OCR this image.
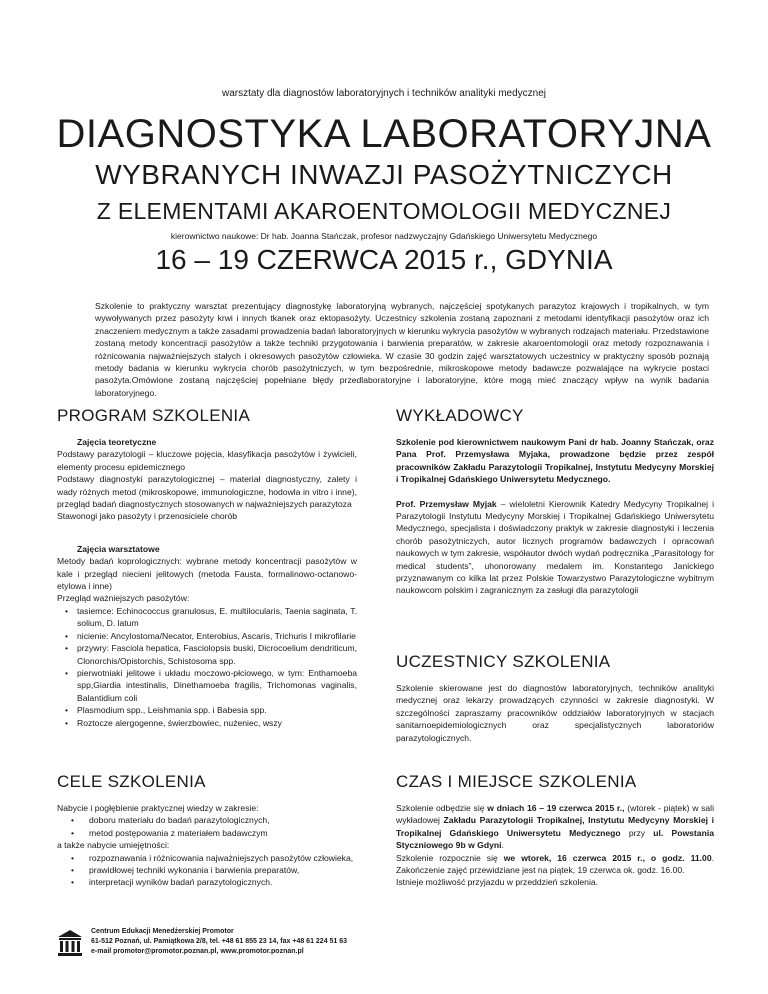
warsztaty dla diagnostów laboratoryjnych i techników analityki medycznej
DIAGNOSTYKA LABORATORYJNA
WYBRANYCH INWAZJI PASOŻYTNICZYCH
Z ELEMENTAMI AKAROENTOMOLOGII MEDYCZNEJ
kierownictwo naukowe: Dr hab. Joanna Stańczak, profesor nadzwyczajny Gdańskiego Uniwersytetu Medycznego
16 – 19 CZERWCA 2015 r., GDYNIA

Szkolenie to praktyczny warsztat prezentujący diagnostykę laboratoryjną wybranych, najczęściej spotykanych parazytoz krajowych i tropikalnych, w tym wywoływanych przez pasożyty krwi i innych tkanek oraz ektopasożyty. Uczestnicy szkolenia zostaną zapoznani z metodami identyfikacji pasożytów oraz ich znaczeniem medycznym a także zasadami prowadzenia badań laboratoryjnych w kierunku wykrycia pasożytów w wybranych rodzajach materiału. Przedstawione zostaną metody koncentracji pasożytów a także techniki przygotowania i barwienia preparatów, w zakresie akaroentomologii oraz metody rozpoznawania i różnicowania najważniejszych stałych i okresowych pasożytów człowieka. W czasie 30 godzin zajęć warsztatowych uczestnicy w praktyczny sposób poznają metody badania w kierunku wykrycia chorób pasożytniczych, w tym bezpośrednie, mikroskopowe metody badawcze pozwalające na wykrycie postaci pasożyta.Omówione zostaną najczęściej popełniane błędy przedlaboratoryjne i laboratoryjne, które mogą mieć znaczący wpływ na wynik badania laboratoryjnego.

PROGRAM SZKOLENIA
Zajęcia teoretyczne

Podstawy parazytologii – kluczowe pojęcia, klasyfikacja pasożytów i żywicieli, elementy procesu epidemicznego

Podstawy diagnostyki parazytologicznej – materiał diagnostyczny, zalety i wady różnych metod (mikroskopowe, immunologiczne, hodowla in vitro i inne), przegląd badań diagnostycznych stosowanych w najważniejszych parazytoza

Stawonogi jako pasożyty i przenosiciele chorób

Zajęcia warsztatowe

Metody badań koprologicznych: wybrane metody koncentracji pasożytów w kale i przegląd niecieni jelitowych (metoda Fausta, formalinowo-octanowo-etylowa i inne)

Przegląd ważniejszych pasożytów:

• tasiemce: Echinococcus granulosus, E. multilocularis, Taenia saginata, T. solium, D. latum
• nicienie: Ancylostoma/Necator, Enterobius, Ascaris, Trichuris I mikrofilarie
• przywry: Fasciola hepatica, Fasciolopsis buski, Dicrocoelium dendriticum, Clonorchis/Opistorchis, Schistosoma spp.
• pierwotniaki jelitowe i układu moczowo-płciowego, w tym: Enthamoeba spp,Giardia intestinalis, Dinethamoeba fragilis, Trichomonas vaginalis, Balantidium coli
• Plasmodium spp., Leishmania spp. i Babesia spp.
• Roztocze alergogenne, świerzbowiec, nużeniec, wszy
CELE SZKOLENIA

Nabycie i pogłębienie praktycznej wiedzy w zakresie:

• doboru materiału do badań parazytologicznych,
• metod postępowania z materiałem badawczym

a także nabycie umiejętności:

• rozpoznawania i różnicowania najważniejszych pasożytów człowieka,
• prawidłowej techniki wykonania i barwienia preparatów,
• interpretacji wyników badań parazytologicznych.
WYKŁADOWCY

Szkolenie pod kierownictwem naukowym Pani dr hab. Joanny Stańczak, oraz Pana Prof. Przemysława Myjaka, prowadzone będzie przez zespół pracowników Zakładu Parazytologii Tropikalnej, Instytutu Medycyny Morskiej i Tropikalnej Gdańskiego Uniwersytetu Medycznego.

Prof. Przemysław Myjak – wieloletni Kierownik Katedry Medycyny Tropikalnej i Parazytologii Instytutu Medycyny Morskiej i Tropikalnej Gdańskiego Uniwersytetu Medycznego, specjalista i doświadczony praktyk w zakresie diagnostyki i leczenia chorób pasożytniczych, autor licznych programów badawczych i opracowań naukowych w tym zakresie, współautor dwóch wydań podręcznika „Parasitology for medical students”, uhonorowany medalem im. Konstantego Janickiego przyznawanym co kilka lat przez Polskie Towarzystwo Parazytologiczne wybitnym naukowcom polskim i zagranicznym za zasługi dla parazytologii

UCZESTNICY SZKOLENIA

Szkolenie skierowane jest do diagnostów laboratoryjnych, techników analityki medycznej oraz lekarzy prowadzących czynności w zakresie diagnostyki. W szczególności zapraszamy pracowników oddziałów laboratoryjnych w stacjach sanitarnoepidemiologicznych oraz specjalistycznych laboratoriów parazytologicznych.

CZAS I MIEJSCE SZKOLENIA

Szkolenie odbędzie się w dniach 16 – 19 czerwca 2015 r., (wtorek - piątek) w sali wykładowej Zakładu Parazytologii Tropikalnej, Instytutu Medycyny Morskiej i Tropikalnej Gdańskiego Uniwersytetu Medycznego przy ul. Powstania Styczniowego 9b w Gdyni.

Szkolenie rozpocznie się we wtorek, 16 czerwca 2015 r., o godz. 11.00. Zakończenie zajęć przewidziane jest na piątek, 19 czerwca ok. godz. 16.00.

Istnieje możliwość przyjazdu w przeddzień szkolenia.

Centrum Edukacji Menedżerskiej Promotor
61-512 Poznań, ul. Pamiątkowa 2/8, tel. +48 61 855 23 14, fax +48 61 224 51 63
e-mail promotor@promotor.poznan.pl, www.promotor.poznan.pl
